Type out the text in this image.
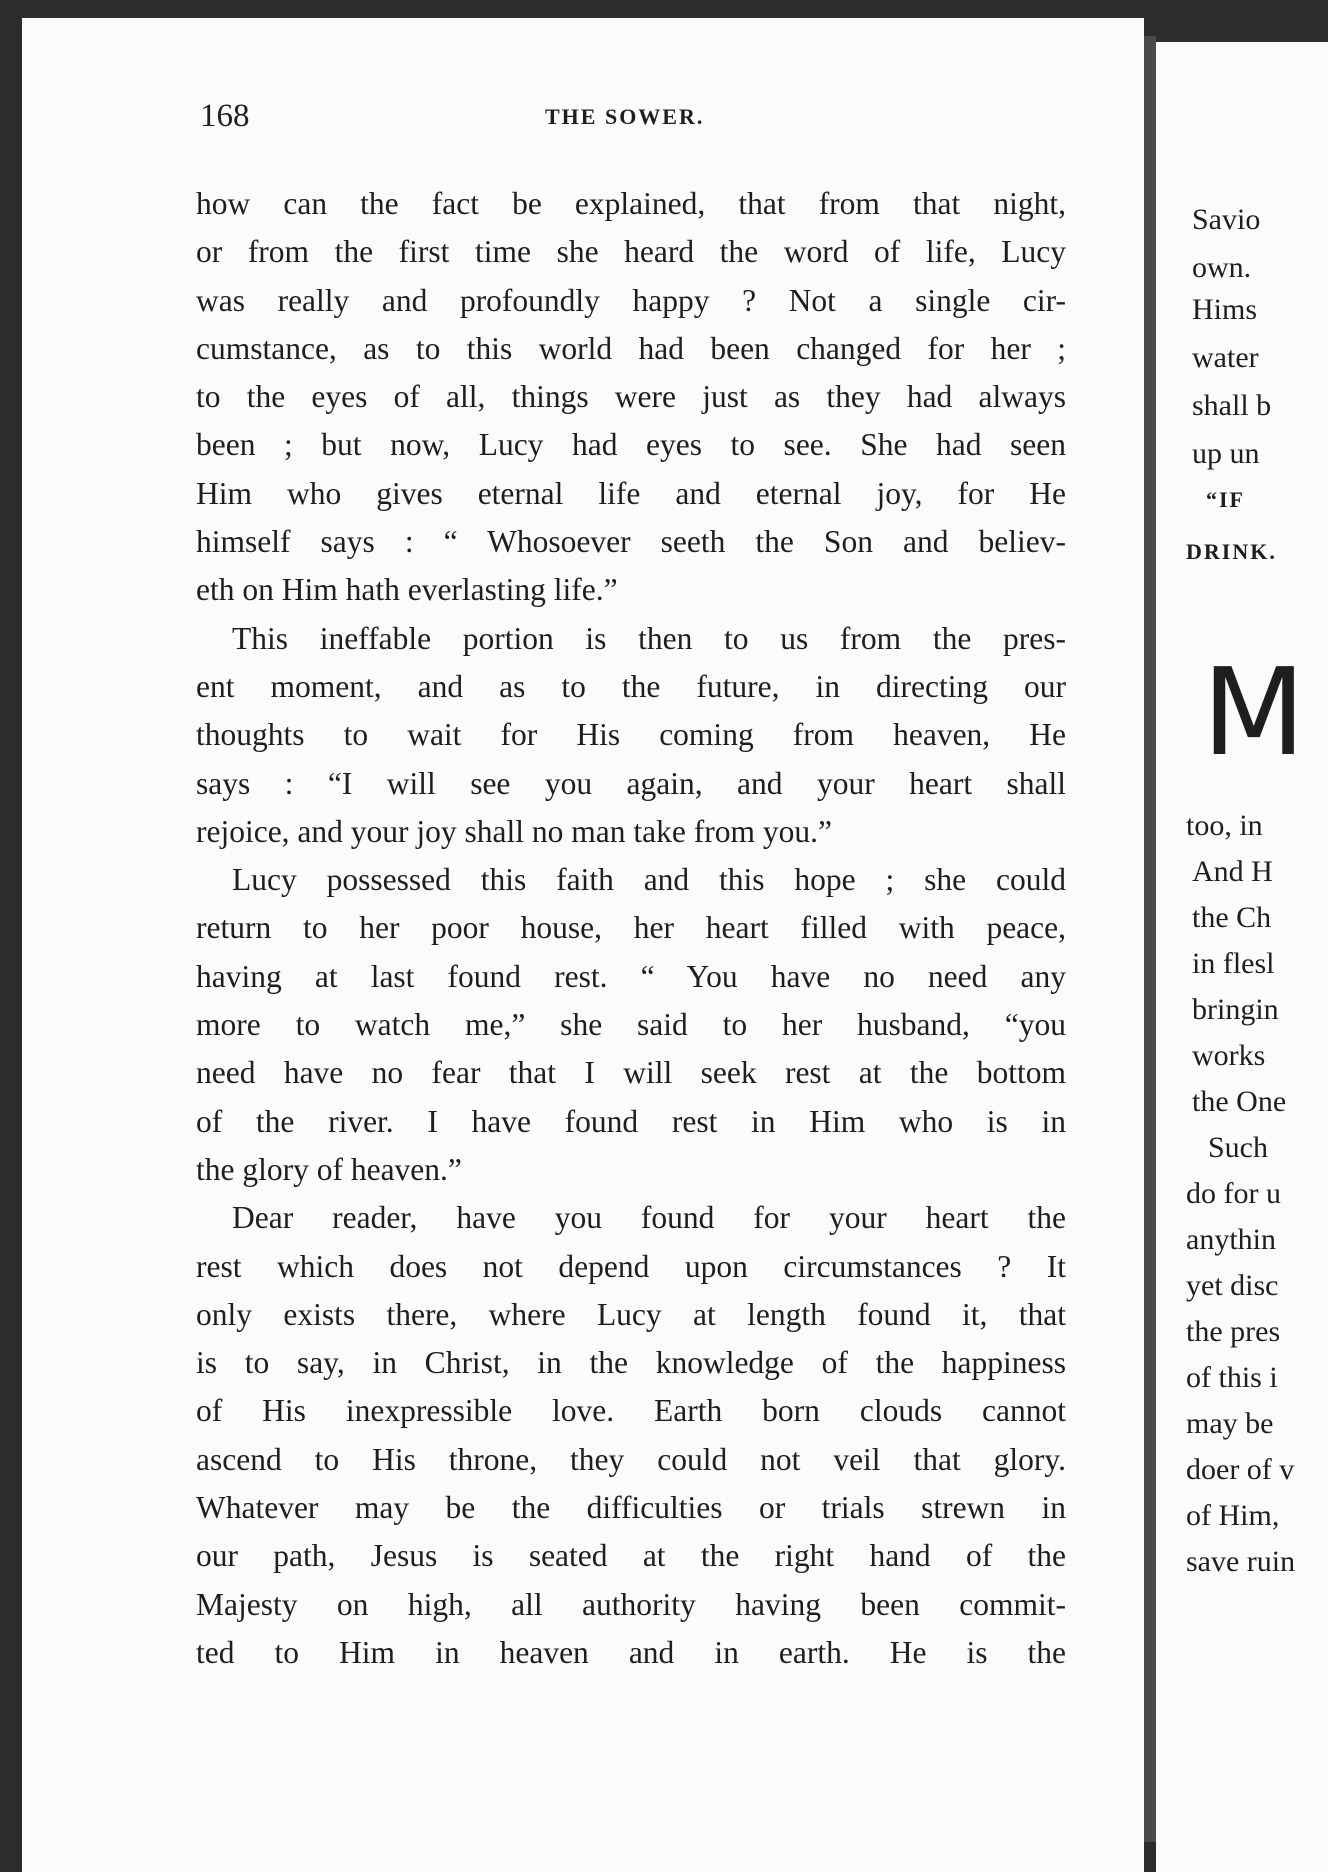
168	THE SOWER.
how can the fact be explained, that from that night,
or from the first time she heard the word of life, Lucy
was really and profoundly happy ? Not a single cir-
cumstance, as to this world had been changed for her ;
to the eyes of all, things were just as they had always
been ; but now, Lucy had eyes to see. She had seen
Him who gives eternal life and eternal joy, for He
himself says : “ Whosoever seeth the Son and believ-
eth on Him hath everlasting life.”
This ineffable portion is then to us from the pres-
ent moment, and as to the future, in directing our
thoughts to wait for His coming from heaven, He
says : “I will see you again, and your heart shall
rejoice, and your joy shall no man take from you.”
Lucy possessed this faith and this hope ; she could
return to her poor house, her heart filled with peace,
having at last found rest. “ You have no need any
more to watch me,” she said to her husband, “you
need have no fear that I will seek rest at the bottom
of the river. I have found rest in Him who is in
the glory of heaven.”
Dear reader, have you found for your heart the
rest which does not depend upon circumstances ? It
only exists there, where Lucy at length found it, that
is to say, in Christ, in the knowledge of the happiness
of His inexpressible love. Earth born clouds cannot
ascend to His throne, they could not veil that glory.
Whatever may be the difficulties or trials strewn in
our path, Jesus is seated at the right hand of the
Majesty on high, all authority having been commit-
ted to Him in heaven and in earth. He is the
Savio
own.
Hims
water
shall b
up un
“IF
DRINK.
M
too, in
And H
the Ch
in flesl
bringin
works
the One
Such
do for u
anythin
yet disc
the pres
of this i
may be
doer of v
of Him,
save ruin
